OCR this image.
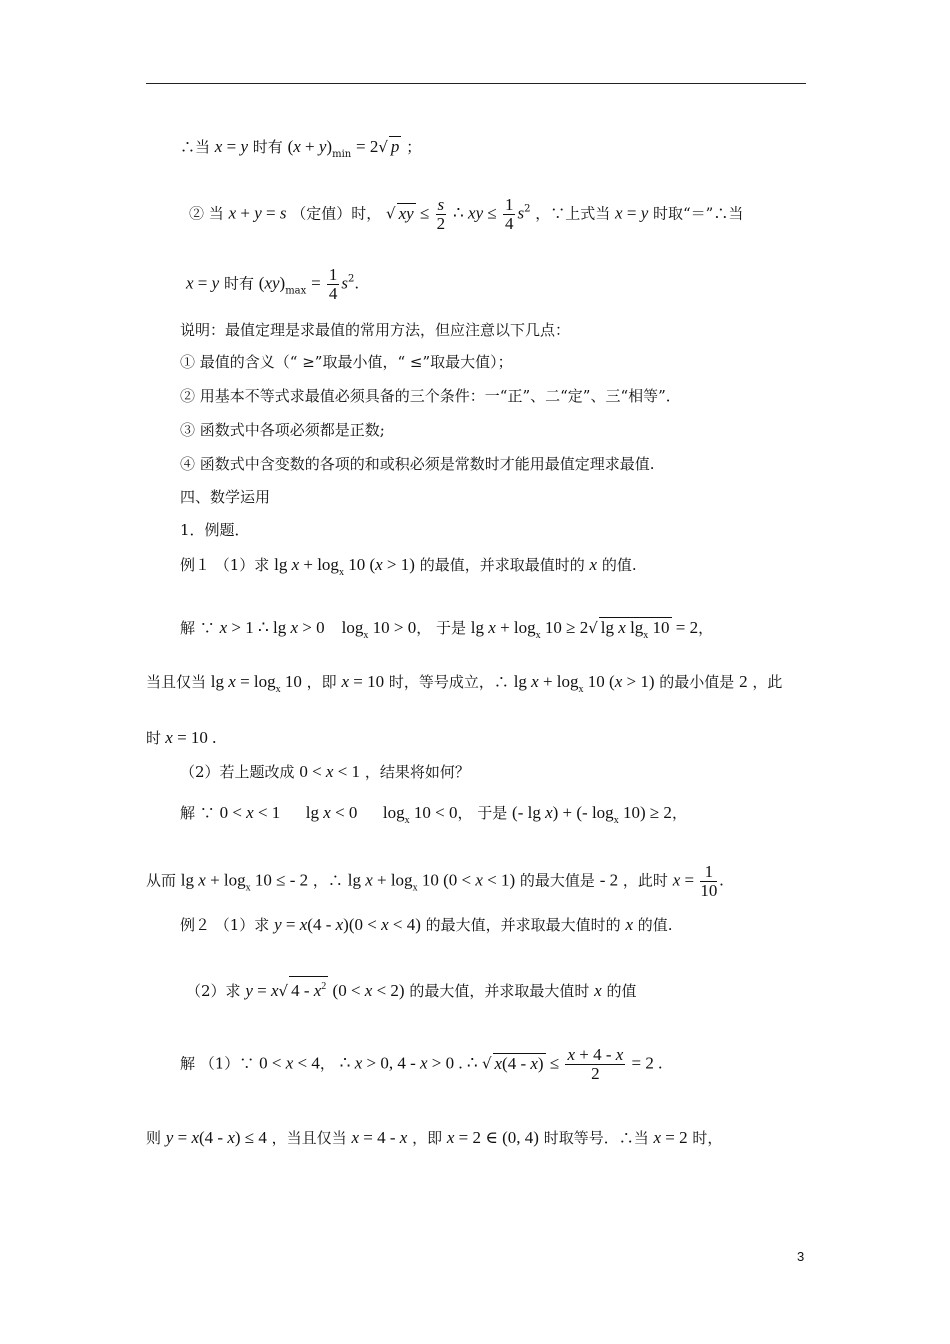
∴当 x = y 时有 $(x + y)_{min} = 2√$ p ；
② 当 x + y = s （定值）时， √ xy ≤ $\frac{s}{2}$ ∴ xy ≤ $\frac{1}{4} s^2$ ，∵上式当 x = y 时取“＝”∴当
x = y 时有 $(xy)_{max} = \frac{1}{4} s^2$.
说明：最值定理是求最值的常用方法，但应注意以下几点：
① 最值的含义（“ ≥”取最小值，“ ≤”取最大值）；
② 用基本不等式求最值必须具备的三个条件：一“正”、二“定”、三“相等”．
③ 函数式中各项必须都是正数;
④ 函数式中含变数的各项的和或积必须是常数时才能用最值定理求最值.
四、数学运用
1．例题．
例１ （1）求 $\lg x + \log_x 10$ (x > 1) 的最值，并求取最值时的 x 的值.
解 ∵ x > 1 ∴ lg x > 0    $\log_x 10 > 0$， 于是 $\lg x + \log_x 10 \ge 2√$ lg x $\lg_x 10 = 2$，
当且仅当 $\lg x = \log_x 10$ ，即 x = 10 时，等号成立，∴ $\lg x + \log_x 10$ (x > 1) 的最小值是 2 ，此
时 x = 10 .
（2）若上题改成 0 < x < 1 ，结果将如何？
解 ∵ 0 < x < 1      lg x < 0      $\log_x 10 < 0$， 于是 (- lg x) + (- $\log_x 10) \ge 2$，
从而 $\lg x + \log_x 10$ ≤ - 2 ，∴ $\lg x + \log_x 10$ (0 < x < 1) 的最大值是 - 2 ，此时 $x = \frac{1}{10}$ .
例２ （1）求 y = x(4 - x)(0 < x < 4) 的最大值，并求取最大值时的 x 的值.
（2）求 y = x√ $4 - x^2$ (0 < x < 2) 的最大值，并求取最大值时 x 的值
解 （1）∵ 0 < x < 4， ∴ x > 0, 4 - x > 0 . ∴ √ $x(4 - x) \le \frac{x + 4 - x}{2} = 2$ .
则 y = x(4 - x) ≤ 4 ，当且仅当 x = 4 - x ，即 x = 2 ∈ (0, 4) 时取等号．∴当 x = 2 时，
3
